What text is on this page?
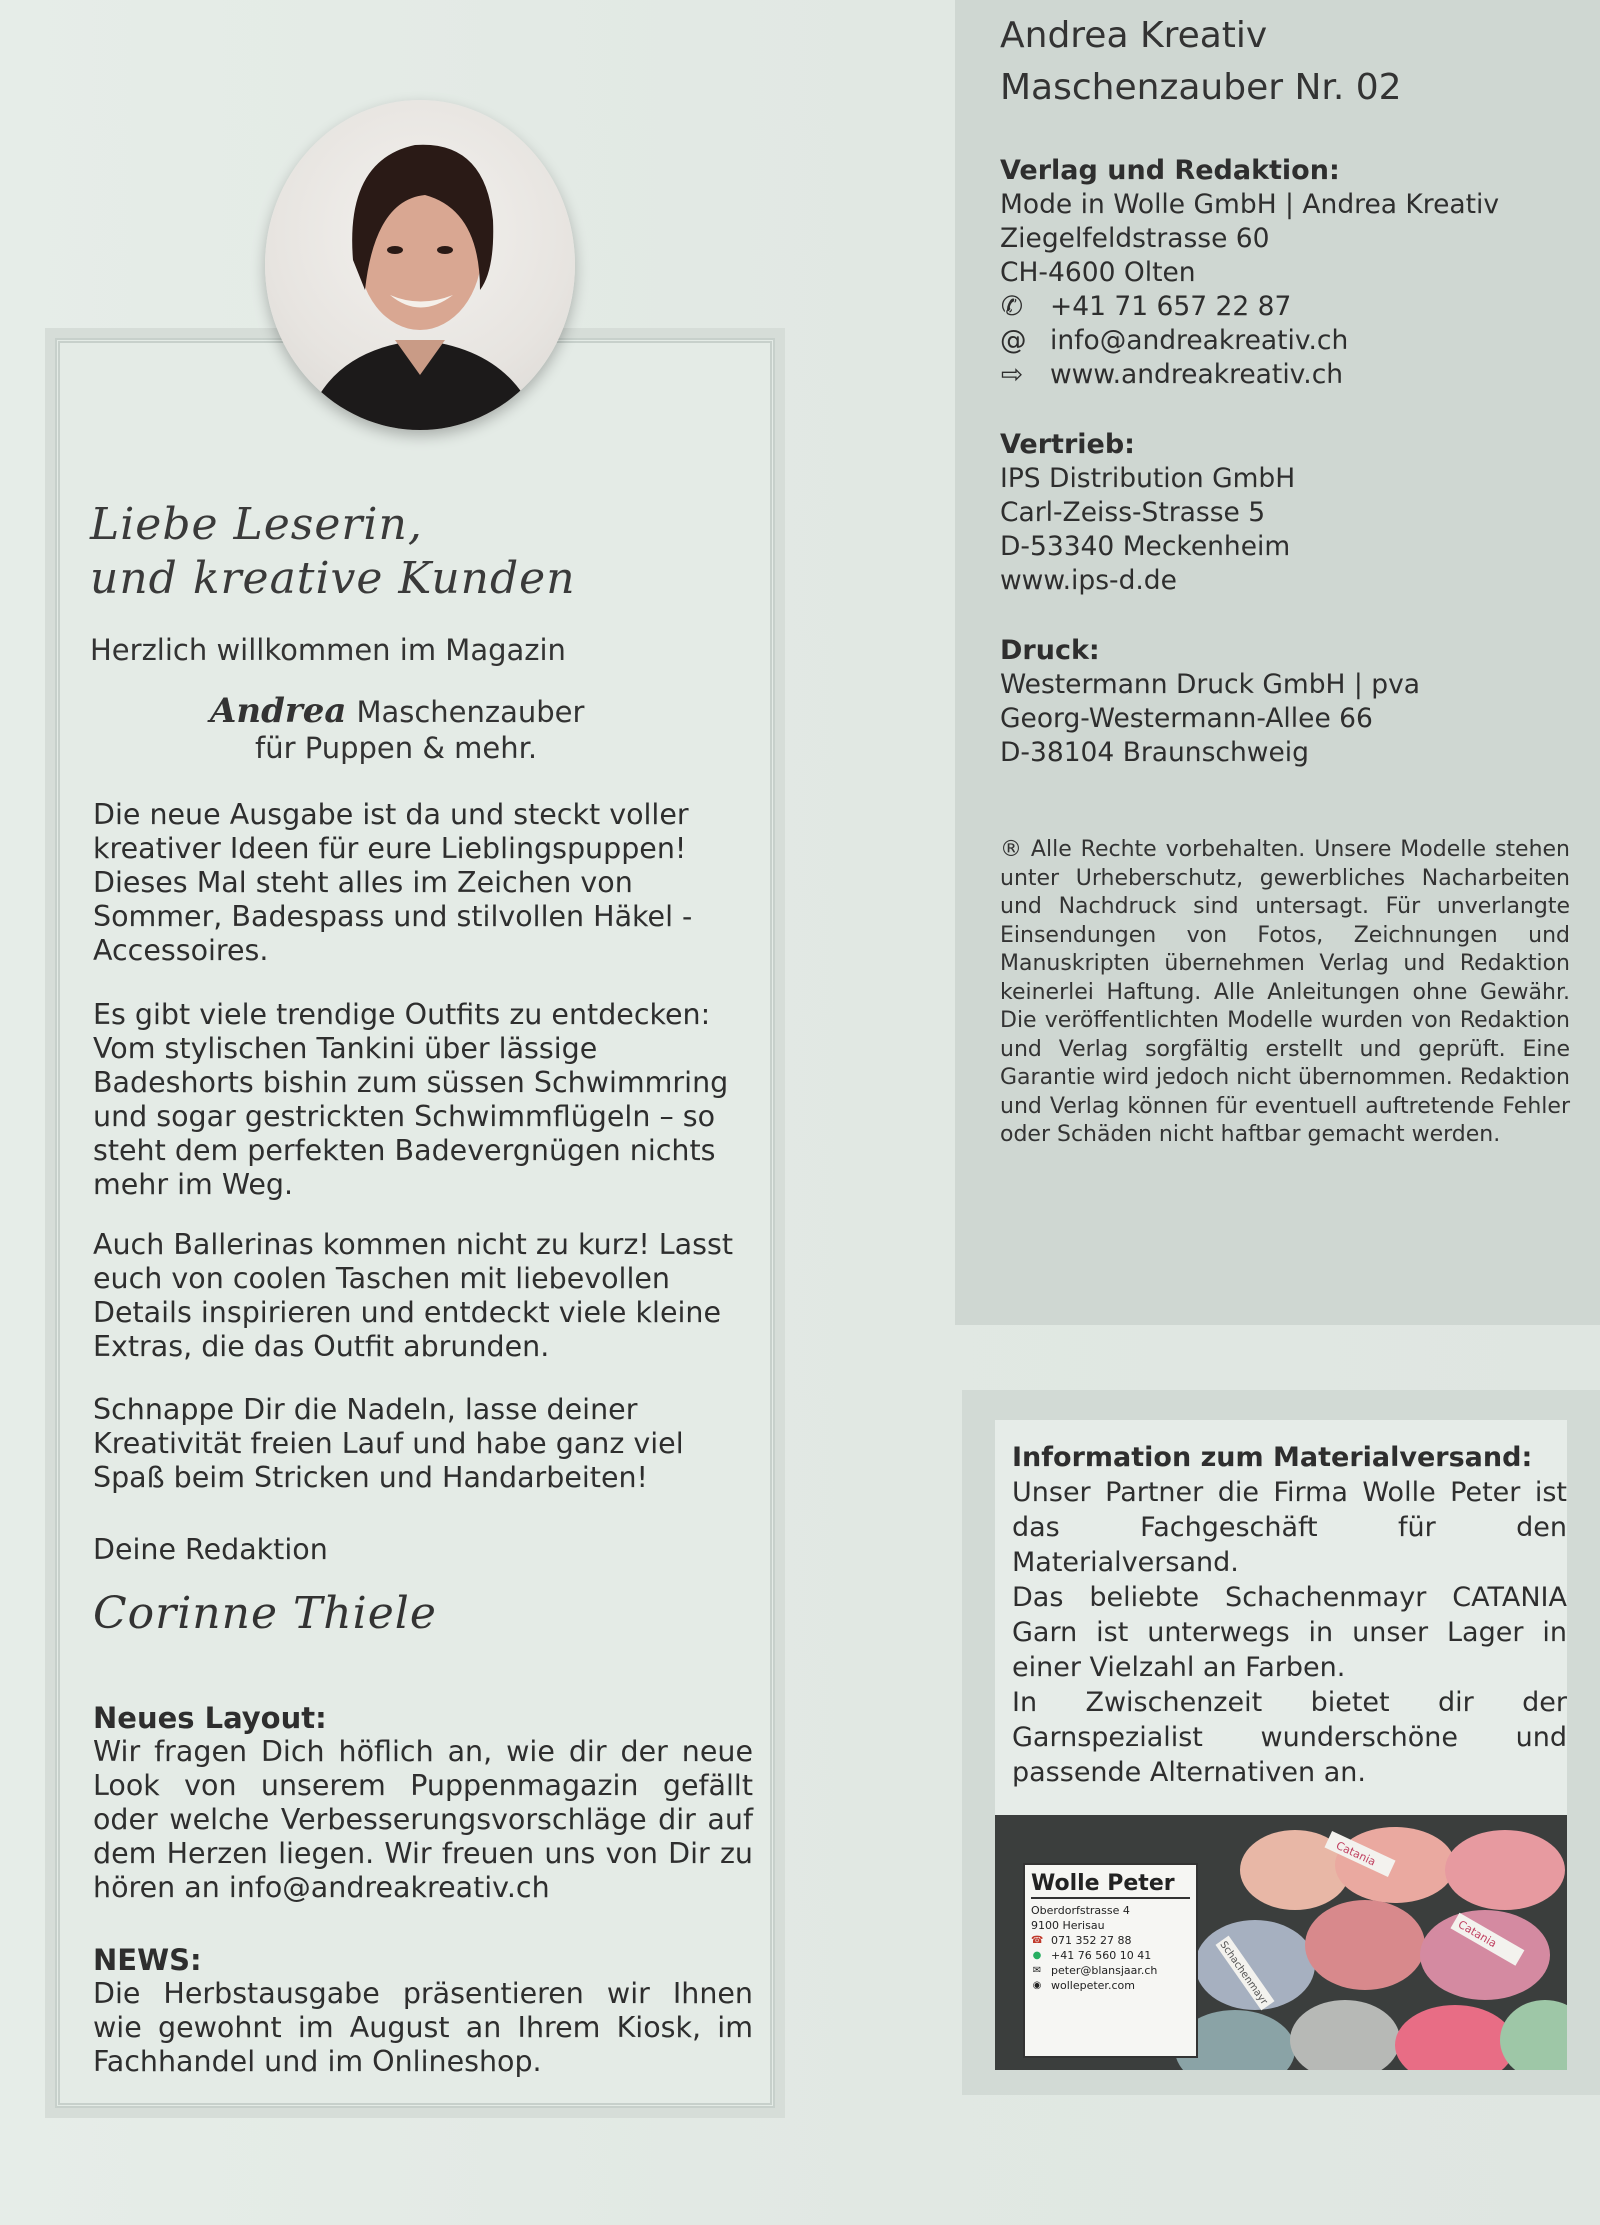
Liebe Leserin,
und kreative Kunden
Herzlich willkommen im Magazin
Andrea Maschenzauber
für Puppen & mehr.

Die neue Ausgabe ist da und steckt voller kreativer Ideen für eure Lieblingspuppen! Dieses Mal steht alles im Zeichen von Sommer, Badespass und stilvollen Häkel - Accessoires.

Es gibt viele trendige Outfits zu entdecken: Vom stylischen Tankini über lässige Badeshorts bishin zum süssen Schwimmring und sogar gestrickten Schwimmflügeln – so steht dem perfekten Badevergnügen nichts mehr im Weg.

Auch Ballerinas kommen nicht zu kurz! Lasst euch von coolen Taschen mit liebevollen Details inspirieren und entdeckt viele kleine Extras, die das Outfit abrunden.

Schnappe Dir die Nadeln, lasse deiner Kreativität freien Lauf und habe ganz viel Spaß beim Stricken und Handarbeiten!

Deine Redaktion

Corinne Thiele
Neues Layout:
Wir fragen Dich höflich an, wie dir der neue Look von unserem Puppenmagazin gefällt oder welche Verbesserungsvorschläge dir auf dem Herzen liegen. Wir freuen uns von Dir zu hören an info@andreakreativ.ch
NEWS:
Die Herbstausgabe präsentieren wir Ihnen wie gewohnt im August an Ihrem Kiosk, im Fachhandel und im Onlineshop.
Andrea Kreativ
Maschenzauber Nr. 02
Verlag und Redaktion:
Mode in Wolle GmbH | Andrea Kreativ
Ziegelfeldstrasse 60
CH-4600 Olten
✆ +41 71 657 22 87
@ info@andreakreativ.ch
⇨ www.andreakreativ.ch
Vertrieb:
IPS Distribution GmbH
Carl-Zeiss-Strasse 5
D-53340 Meckenheim
www.ips-d.de
Druck:
Westermann Druck GmbH | pva
Georg-Westermann-Allee 66
D-38104 Braunschweig

® Alle Rechte vorbehalten. Unsere Modelle stehen unter Urheberschutz, gewerbliches Nacharbeiten und Nachdruck sind untersagt. Für unverlangte Einsendungen von Fotos, Zeichnungen und Manuskripten übernehmen Verlag und Redaktion keinerlei Haftung. Alle Anleitungen ohne Gewähr. Die veröffentlichten Modelle wurden von Redaktion und Verlag sorgfältig erstellt und geprüft. Eine Garantie wird jedoch nicht übernommen. Redaktion und Verlag können für eventuell auftretende Fehler oder Schäden nicht haftbar gemacht werden.

Information zum Materialversand:
Unser Partner die Firma Wolle Peter ist das Fachgeschäft für den Materialversand.
Das beliebte Schachenmayr CATANIA Garn ist unterwegs in unser Lager in einer Vielzahl an Farben.
In Zwischenzeit bietet dir der Garnspezialist wunderschöne und passende Alternativen an.
Catania
Catania
Schachenmayr
Wolle Peter
Oberdorfstrasse 4
9100 Herisau
☎ 071 352 27 88
● +41 76 560 10 41
✉ peter@blansjaar.ch
◉ wollepeter.com
